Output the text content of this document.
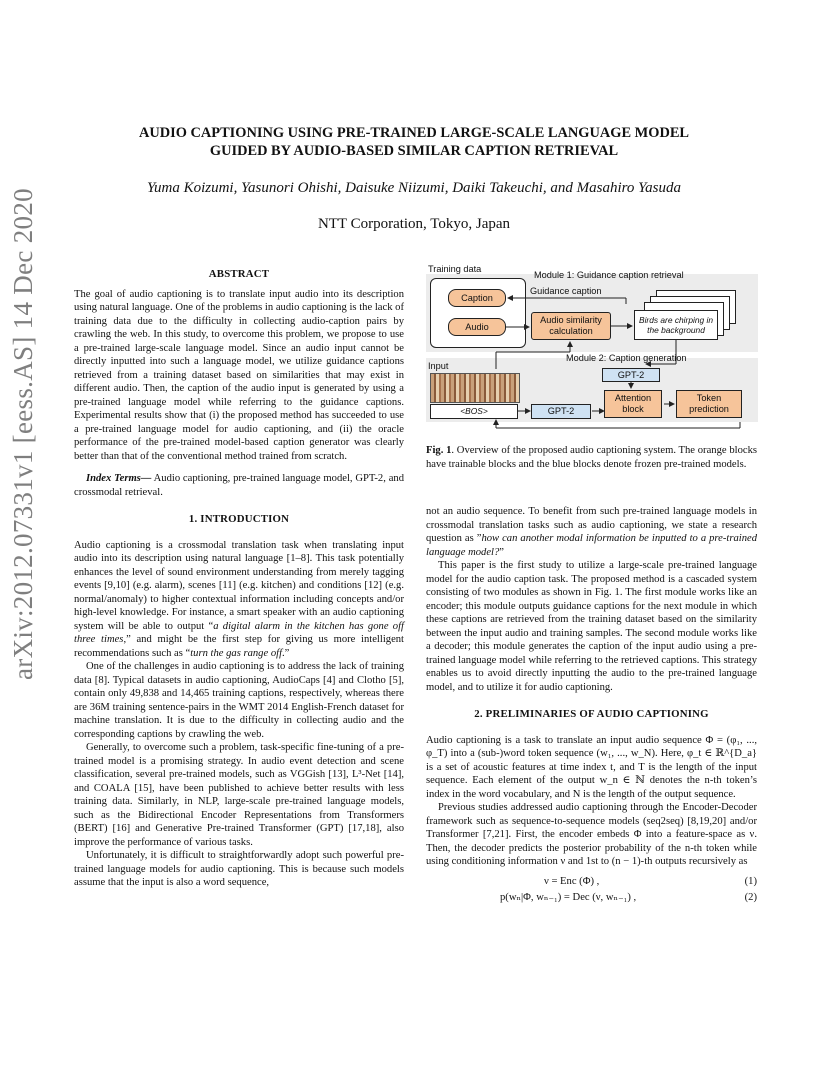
arXiv:2012.07331v1 [eess.AS] 14 Dec 2020
AUDIO CAPTIONING USING PRE-TRAINED LARGE-SCALE LANGUAGE MODEL
GUIDED BY AUDIO-BASED SIMILAR CAPTION RETRIEVAL
Yuma Koizumi, Yasunori Ohishi, Daisuke Niizumi, Daiki Takeuchi, and Masahiro Yasuda
NTT Corporation, Tokyo, Japan
ABSTRACT

The goal of audio captioning is to translate input audio into its description using natural language. One of the problems in audio captioning is the lack of training data due to the difficulty in collecting audio-caption pairs by crawling the web. In this study, to overcome this problem, we propose to use a pre-trained large-scale language model. Since an audio input cannot be directly inputted into such a language model, we utilize guidance captions retrieved from a training dataset based on similarities that may exist in different audio. Then, the caption of the audio input is generated by using a pre-trained language model while referring to the guidance captions. Experimental results show that (i) the proposed method has succeeded to use a pre-trained language model for audio captioning, and (ii) the oracle performance of the pre-trained model-based caption generator was clearly better than that of the conventional method trained from scratch.

Index Terms— Audio captioning, pre-trained language model, GPT-2, and crossmodal retrieval.

1. INTRODUCTION

Audio captioning is a crossmodal translation task when translating input audio into its description using natural language [1–8]. This task potentially enhances the level of sound environment understanding from merely tagging events [9,10] (e.g. alarm), scenes [11] (e.g. kitchen) and conditions [12] (e.g. normal/anomaly) to higher contextual information including concepts and/or high-level knowledge. For instance, a smart speaker with an audio captioning system will be able to output “a digital alarm in the kitchen has gone off three times,” and might be the first step for giving us more intelligent recommendations such as “turn the gas range off.”

One of the challenges in audio captioning is to address the lack of training data [8]. Typical datasets in audio captioning, AudioCaps [4] and Clotho [5], contain only 49,838 and 14,465 training captions, respectively, whereas there are 36M training sentence-pairs in the WMT 2014 English-French dataset for machine translation. It is due to the difficulty in collecting audio and the corresponding captions by crawling the web.

Generally, to overcome such a problem, task-specific fine-tuning of a pre-trained model is a promising strategy. In audio event detection and scene classification, several pre-trained models, such as VGGish [13], L³-Net [14], and COALA [15], have been published to achieve better results with less training data. Similarly, in NLP, large-scale pre-trained language models, such as the Bidirectional Encoder Representations from Transformers (BERT) [16] and Generative Pre-trained Transformer (GPT) [17,18], also improve the performance of various tasks.

Unfortunately, it is difficult to straightforwardly adopt such powerful pre-trained language models for audio captioning. This is because such models assume that the input is also a word sequence,

Training data
Module 1: Guidance caption retrieval
Caption
Audio
Guidance caption
Audio similarity calculation
Birds are chirping in the background
Input
Module 2: Caption generation
GPT-2
<BOS>	GPT-2
Attention block
Token prediction
Fig. 1. Overview of the proposed audio captioning system. The orange blocks have trainable blocks and the blue blocks denote frozen pre-trained models.

not an audio sequence. To benefit from such pre-trained language models in crossmodal translation tasks such as audio captioning, we state a research question as ”how can another modal information be inputted to a pre-trained language model?”

This paper is the first study to utilize a large-scale pre-trained language model for the audio caption task. The proposed method is a cascaded system consisting of two modules as shown in Fig. 1. The first module works like an encoder; this module outputs guidance captions for the next module in which these captions are retrieved from the training dataset based on the similarity between the input audio and training samples. The second module works like a decoder; this module generates the caption of the input audio using a pre-trained language model while referring to the retrieved captions. This strategy enables us to avoid directly inputting the audio to the pre-trained language model, and to utilize it for audio captioning.

2. PRELIMINARIES OF AUDIO CAPTIONING

Audio captioning is a task to translate an input audio sequence Φ = (φ₁, ..., φ_T) into a (sub-)word token sequence (w₁, ..., w_N). Here, φ_t ∈ ℝ^{D_a} is a set of acoustic features at time index t, and T is the length of the input sequence. Each element of the output w_n ∈ ℕ denotes the n-th token’s index in the word vocabulary, and N is the length of the output sequence.

Previous studies addressed audio captioning through the Encoder-Decoder framework such as sequence-to-sequence models (seq2seq) [8,19,20] and/or Transformer [7,21]. First, the encoder embeds Φ into a feature-space as ν. Then, the decoder predicts the posterior probability of the n-th token while using conditioning information ν and 1st to (n − 1)-th outputs recursively as

ν = Enc (Φ) ,	(1)
p(wₙ|Φ, wₙ₋₁) = Dec (ν, wₙ₋₁) ,	(2)
